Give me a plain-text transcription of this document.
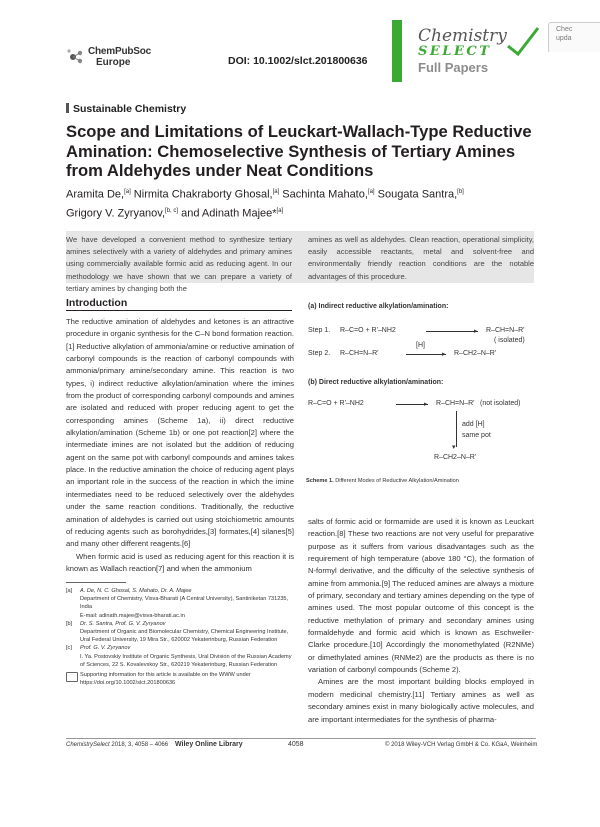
ChemPubSoc
Europe	DOI: 10.1002/slct.201800636
Chemistry
SELECT
Full Papers
Chec
upda
Sustainable Chemistry
Scope and Limitations of Leuckart-Wallach-Type Reductive Amination: Chemoselective Synthesis of Tertiary Amines from Aldehydes under Neat Conditions
Aramita De,[a] Nirmita Chakraborty Ghosal,[a] Sachinta Mahato,[a] Sougata Santra,[b]
Grigory V. Zyryanov,[b, c] and Adinath Majee*[a]
We have developed a convenient method to synthesize tertiary amines selectively with a variety of aldehydes and primary amines using commercially available formic acid as reducing agent. In our methodology we have shown that we can prepare a variety of tertiary amines by changing both the
amines as well as aldehydes. Clean reaction, operational simplicity, easily accessible reactants, metal and solvent-free and environmentally friendly reaction conditions are the notable advantages of this procedure.
Introduction

The reductive amination of aldehydes and ketones is an attractive procedure in organic synthesis for the C–N bond formation reaction.[1] Reductive alkylation of ammonia/amine or reductive amination of carbonyl compounds is the reaction of carbonyl compounds with ammonia/primary amine/secondary amine. This reaction is two types, i) indirect reductive alkylation/amination where the imines from the product of corresponding carbonyl compounds and amines are isolated and reduced with proper reducing agent to get the corresponding amines (Scheme 1a), ii) direct reductive alkylation/amination (Scheme 1b) or one pot reaction[2] where the intermediate imines are not isolated but the addition of reducing agent on the same pot with carbonyl compounds and amines takes place. In the reductive amination the choice of reducing agent plays an important role in the success of the reaction in which the imine intermediates need to be reduced selectively over the aldehydes under the same reaction conditions. Traditionally, the reductive amination of aldehydes is carried out using stoichiometric amounts of reducing agents such as borohydrides,[3] formates,[4] silanes[5] and many other different reagents.[6]

When formic acid is used as reducing agent for this reaction it is known as Wallach reaction[7] and when the ammonium

(a) Indirect reductive alkylation/amination:
Step 1. R–C=O + R'–NH2	▸ R–CH=N–R'
( isolated)
Step 2. R–CH=N–R'
[H]
▸ R–CH2–N–R'
(b) Direct reductive alkylation/amination:
R–C=O + R'–NH2	▸ R–CH=N–R' (not isolated)
add [H]
same pot
▾
R–CH2–N–R'
Scheme 1. Different Modes of Reductive Alkylation/Amination

salts of formic acid or formamide are used it is known as Leuckart reaction.[8] These two reactions are not very useful for preparative purpose as it suffers from various disadvantages such as the requirement of high temperature (above 180 °C), the formation of N-formyl derivative, and the difficulty of the selective synthesis of amine from ammonia.[9] The reduced amines are always a mixture of primary, secondary and tertiary amines depending on the type of amines used. The most popular outcome of this concept is the reductive methylation of primary and secondary amines using formaldehyde and formic acid which is known as Eschweiler-Clarke procedure.[10] Accordingly the monomethylated (R2NMe) or dimethylated amines (RNMe2) are the products as there is no variation of carbonyl compounds (Scheme 2).

Amines are the most important building blocks employed in modern medicinal chemistry.[11] Tertiary amines as well as secondary amines exist in many biologically active molecules, and are important intermediates for the synthesis of pharma-

[a] A. De, N. C. Ghosal, S. Mahato, Dr. A. Majee
Department of Chemistry, Visva-Bharati (A Central University), Santiniketan 731235, India
E-mail: adinath.majee@visva-bharati.ac.in
[b] Dr. S. Santra, Prof. G. V. Zyryanov
Department of Organic and Biomolecular Chemistry, Chemical Engineering Institute, Ural Federal University, 19 Mira Str., 620002 Yekaterinburg, Russian Federation
[c] Prof. G. V. Zyryanov
I. Ya. Postovskiy Institute of Organic Synthesis, Ural Division of the Russian Academy of Sciences, 22 S. Kovalevskoy Str., 620219 Yekaterinburg, Russian Federation
Supporting information for this article is available on the WWW under https://doi.org/10.1002/slct.201800636
ChemistrySelect 2018, 3, 4058 – 4066 Wiley Online Library	4058	© 2018 Wiley-VCH Verlag GmbH & Co. KGaA, Weinheim
